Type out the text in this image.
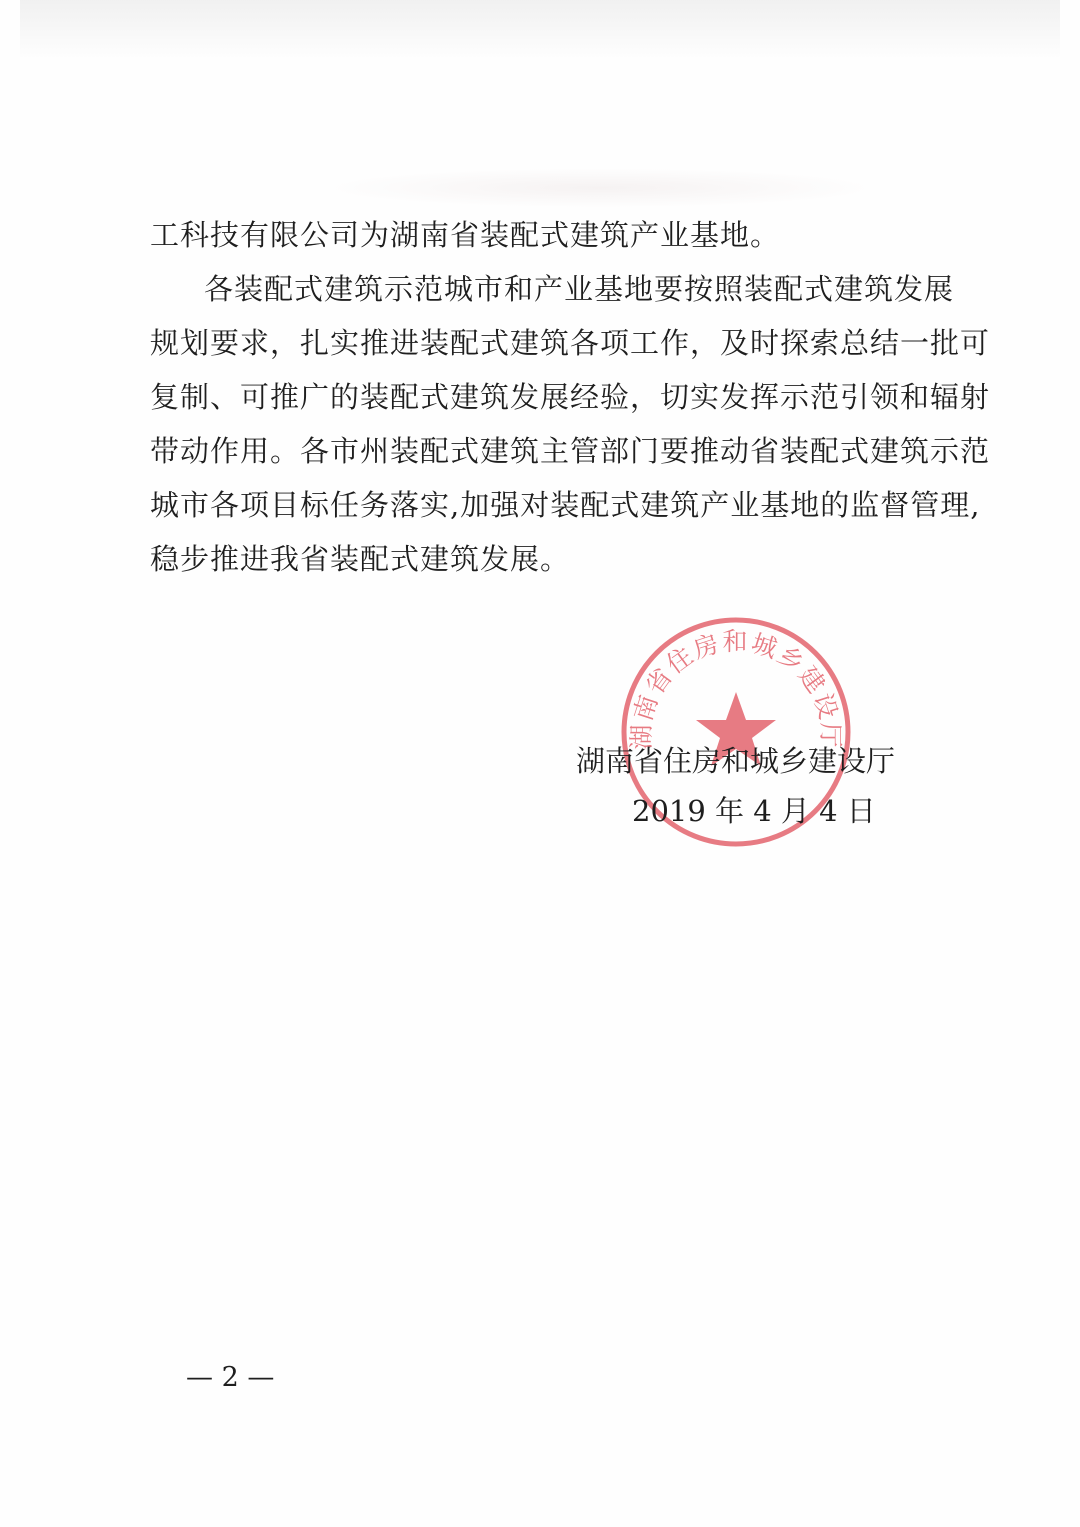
工科技有限公司为湖南省装配式建筑产业基地。
各装配式建筑示范城市和产业基地要按照装配式建筑发展
规划要求，扎实推进装配式建筑各项工作，及时探索总结一批可
复制、可推广的装配式建筑发展经验，切实发挥示范引领和辐射
带动作用。各市州装配式建筑主管部门要推动省装配式建筑示范
城市各项目标任务落实,加强对装配式建筑产业基地的监督管理,
稳步推进我省装配式建筑发展。
湖南省住房和城乡建设厅
湖南省住房和城乡建设厅
2019 年 4 月 4 日
— 2 —
